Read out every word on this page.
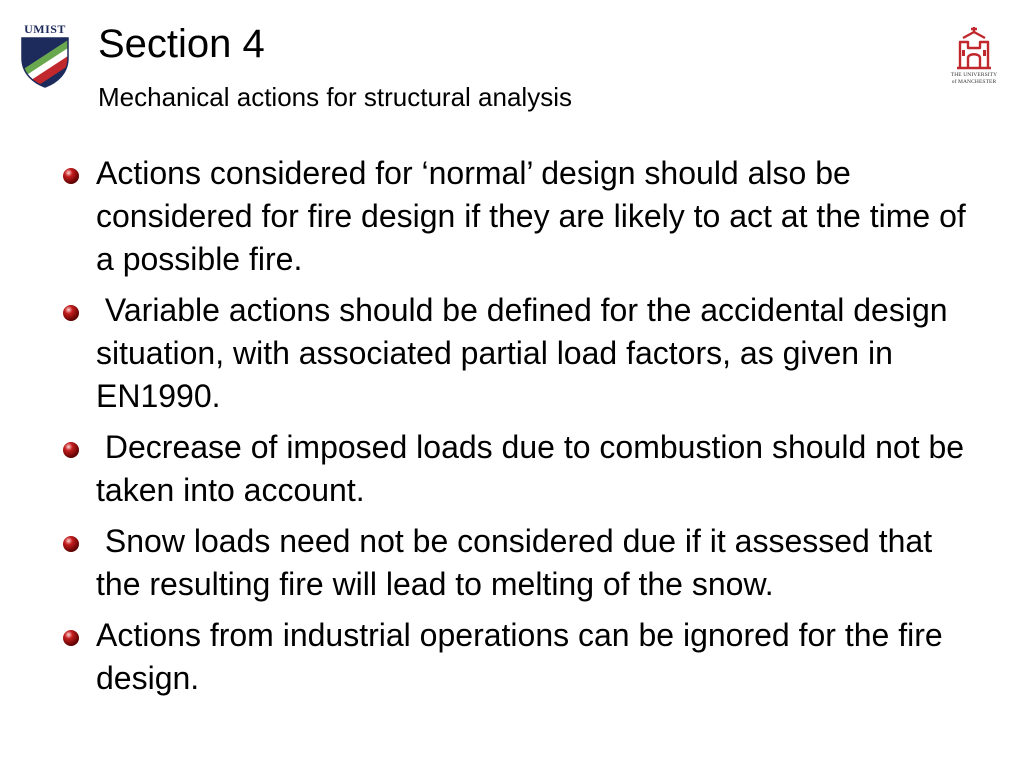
UMIST Section 4
Mechanical actions for structural analysis
THE UNIVERSITY
of MANCHESTER
Actions considered for ‘normal’ design should also be considered for fire design if they are likely to act at the time of a possible fire.
Variable actions should be defined for the accidental design situation, with associated partial load factors, as given in EN1990.
Decrease of imposed loads due to combustion should not be taken into account.
Snow loads need not be considered due if it assessed that the resulting fire will lead to melting of the snow.
Actions from industrial operations can be ignored for the fire design.
